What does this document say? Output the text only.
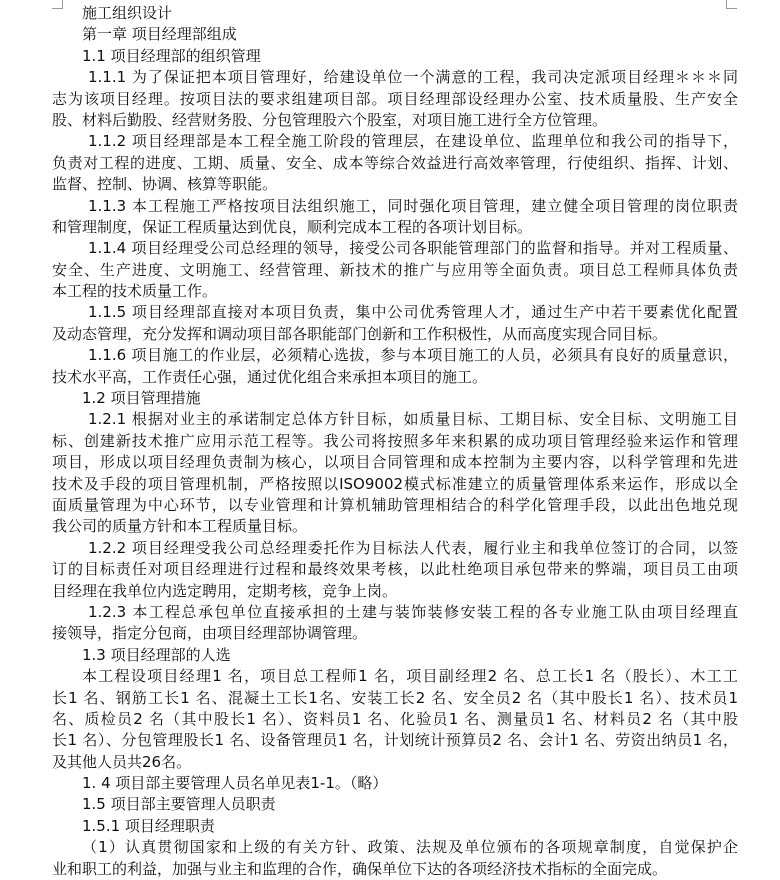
施工组织设计

第一章 项目经理部组成

1.1 项目经理部的组织管理

1.1.1 为了保证把本项目管理好，给建设单位一个满意的工程，我司决定派项目经理＊＊＊同

志为该项目经理。按项目法的要求组建项目部。项目经理部设经理办公室、技术质量股、生产安全

股、材料后勤股、经营财务股、分包管理股六个股室，对项目施工进行全方位管理。

1.1.2 项目经理部是本工程全施工阶段的管理层，在建设单位、监理单位和我公司的指导下，

负责对工程的进度、工期、质量、安全、成本等综合效益进行高效率管理，行使组织、指挥、计划、

监督、控制、协调、核算等职能。

1.1.3 本工程施工严格按项目法组织施工，同时强化项目管理，建立健全项目管理的岗位职责

和管理制度，保证工程质量达到优良，顺利完成本工程的各项计划目标。

1.1.4 项目经理受公司总经理的领导，接受公司各职能管理部门的监督和指导。并对工程质量、

安全、生产进度、文明施工、经营管理、新技术的推广与应用等全面负责。项目总工程师具体负责

本工程的技术质量工作。

1.1.5 项目经理部直接对本项目负责，集中公司优秀管理人才，通过生产中若干要素优化配置

及动态管理，充分发挥和调动项目部各职能部门创新和工作积极性，从而高度实现合同目标。

1.1.6 项目施工的作业层，必须精心选拔，参与本项目施工的人员，必须具有良好的质量意识，

技术水平高，工作责任心强，通过优化组合来承担本项目的施工。

1.2 项目管理措施

1.2.1 根据对业主的承诺制定总体方针目标，如质量目标、工期目标、安全目标、文明施工目

标、创建新技术推广应用示范工程等。我公司将按照多年来积累的成功项目管理经验来运作和管理

项目，形成以项目经理负责制为核心，以项目合同管理和成本控制为主要内容，以科学管理和先进

技术及手段的项目管理机制，严格按照以ISO9002模式标准建立的质量管理体系来运作，形成以全

面质量管理为中心环节，以专业管理和计算机辅助管理相结合的科学化管理手段，以此出色地兑现

我公司的质量方针和本工程质量目标。

1.2.2 项目经理受我公司总经理委托作为目标法人代表，履行业主和我单位签订的合同，以签

订的目标责任对项目经理进行过程和最终效果考核，以此杜绝项目承包带来的弊端，项目员工由项

目经理在我单位内选定聘用，定期考核，竞争上岗。

1.2.3 本工程总承包单位直接承担的土建与装饰装修安装工程的各专业施工队由项目经理直

接领导，指定分包商，由项目经理部协调管理。

1.3 项目经理部的人选

本工程设项目经理1 名，项目总工程师1 名，项目副经理2 名、总工长1 名（股长）、木工工

长1 名、钢筋工长1 名、混凝土工长1名、安装工长2 名、安全员2 名（其中股长1 名）、技术员1

名、质检员2 名（其中股长1 名）、资料员1 名、化验员1 名、测量员1 名、材料员2 名（其中股

长1 名）、分包管理股长1 名、设备管理员1 名，计划统计预算员2 名、会计1 名、劳资出纳员1 名，

及其他人员共26名。

1. 4 项目部主要管理人员名单见表1-1。（略）

1.5 项目部主要管理人员职责

1.5.1 项目经理职责

（1）认真贯彻国家和上级的有关方针、政策、法规及单位颁布的各项规章制度，自觉保护企

业和职工的利益，加强与业主和监理的合作，确保单位下达的各项经济技术指标的全面完成。
